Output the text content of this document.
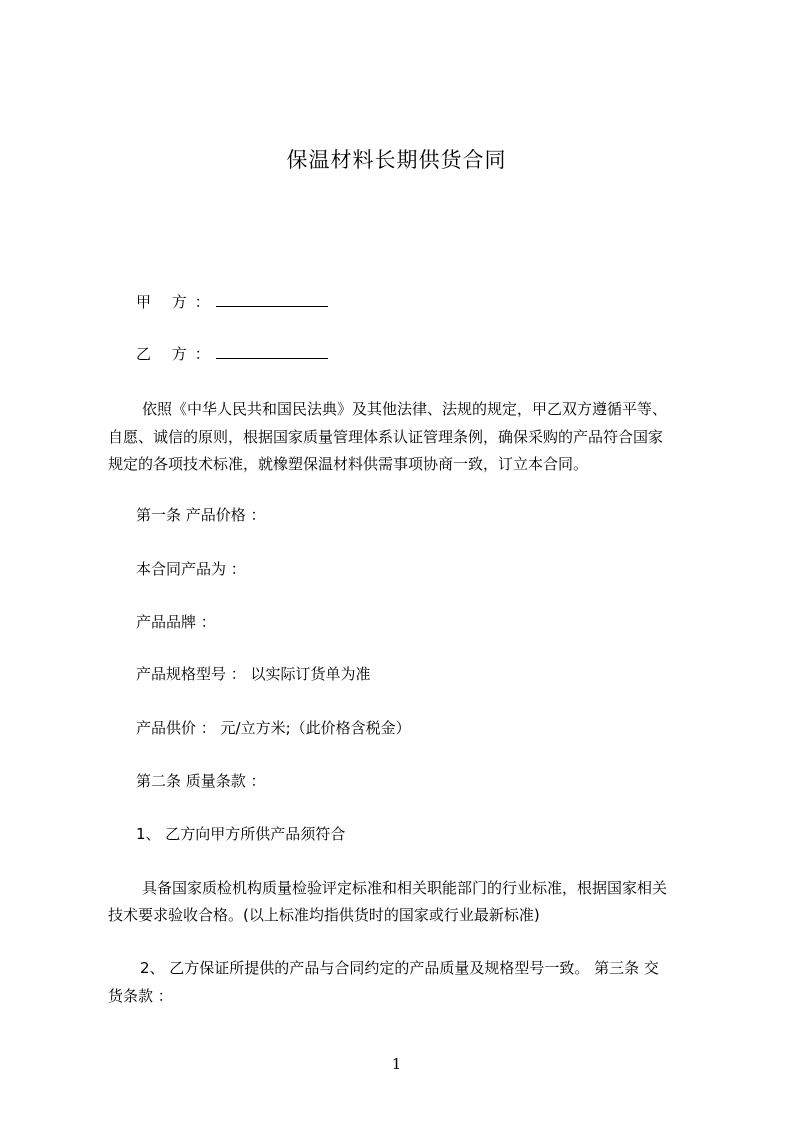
保温材料长期供货合同
甲 方：
乙 方：
依照《中华人民共和国民法典》及其他法律、法规的规定，甲乙双方遵循平等、
自愿、诚信的原则，根据国家质量管理体系认证管理条例，确保采购的产品符合国家
规定的各项技术标准，就橡塑保温材料供需事项协商一致，订立本合同。
第一条 产品价格 ：
本合同产品为 ：
产品品牌 ：
产品规格型号 ： 以实际订货单为准
产品供价 ： 元/立方米;（此价格含税金）
第二条 质量条款 ：
1、 乙方向甲方所供产品须符合
具备国家质检机构质量检验评定标准和相关职能部门的行业标准，根据国家相关
技术要求验收合格。(以上标准均指供货时的国家或行业最新标准)
2、 乙方保证所提供的产品与合同约定的产品质量及规格型号一致。 第三条 交
货条款 ：
1
